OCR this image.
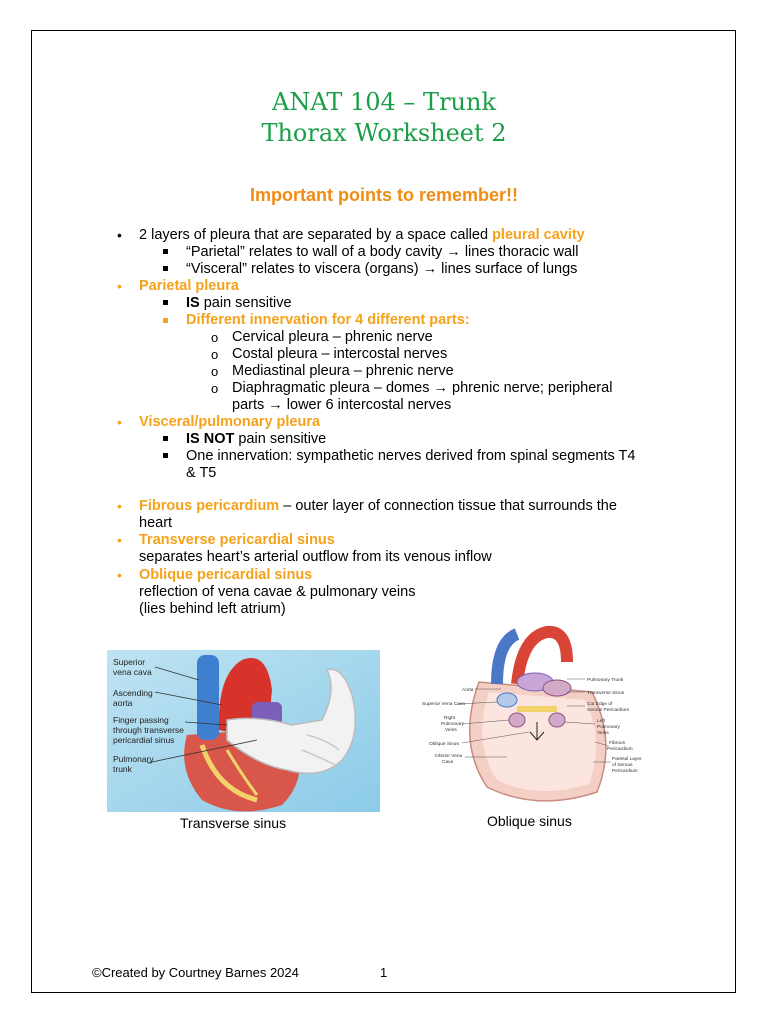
ANAT 104 – Trunk
Thorax Worksheet 2
Important points to remember!!
• 2 layers of pleura that are separated by a space called pleural cavity
“Parietal” relates to wall of a body cavity → lines thoracic wall
“Visceral” relates to viscera (organs) → lines surface of lungs
• Parietal pleura
IS pain sensitive
Different innervation for 4 different parts:
o Cervical pleura – phrenic nerve
o Costal pleura – intercostal nerves
o Mediastinal pleura – phrenic nerve
o Diaphragmatic pleura – domes → phrenic nerve; peripheral
parts → lower 6 intercostal nerves
• Visceral/pulmonary pleura
IS NOT pain sensitive
One innervation: sympathetic nerves derived from spinal segments T4
& T5
• Fibrous pericardium – outer layer of connection tissue that surrounds the
heart
• Transverse pericardial sinus
separates heart’s arterial outflow from its venous inflow
• Oblique pericardial sinus
reflection of vena cavae & pulmonary veins
(lies behind left atrium)
Superior
vena cava
Ascending
aorta
Finger passing
through transverse
pericardial sinus
Pulmonary
trunk
Aorta
Superior Vena Cava
Right
Pulmonary
Veins
Oblique Sinus
Inferior Vena
Cava
Pulmonary Trunk
Transverse Sinus
Cut Edge of
Serous Pericardium
Left
Pulmonary
Veins
Fibrous
Pericardium
Parietal Layer
of Serous
Pericardium
Transverse sinus	Oblique sinus
©Created by Courtney Barnes 2024	1
